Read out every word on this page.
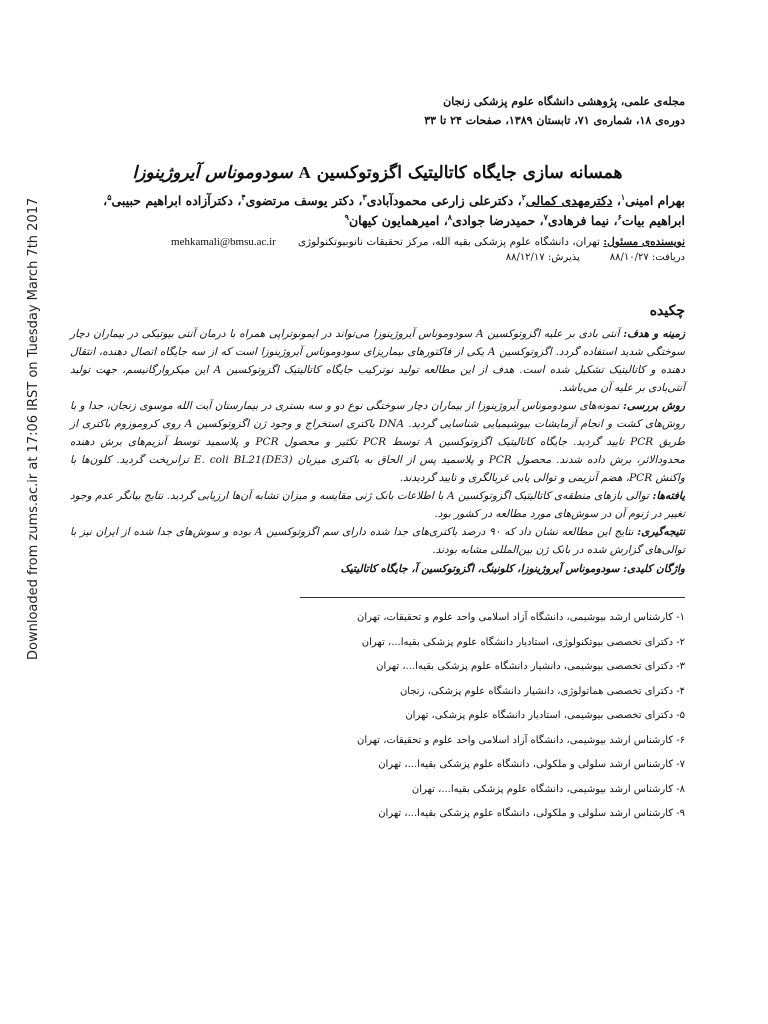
Downloaded from zums.ac.ir at 17:06 IRST on Tuesday March 7th 2017

مجله‌ی علمی، پژوهشی دانشگاه علوم پزشکی زنجان

دوره‌ی ۱۸، شماره‌ی ۷۱، تابستان ۱۳۸۹، صفحات ۲۴ تا ۳۳

همسانه سازی جایگاه کاتالیتیک اگزوتوکسین A سودوموناس آیروژینوزا

بهرام امینی$^۱$، دکترمهدی کمالی$^۲$، دکترعلی زارعی محمودآبادی$^۳$، دکتر یوسف مرتضوی$^۴$، دکترآزاده ابراهیم حبیبی$^۵$،
ابراهیم بیات$^۶$، نیما فرهادی$^۷$، حمیدرضا جوادی$^۸$، امیرهمایون کیهان$^۹$

نویسنده‌ی مسئول: تهران، دانشگاه علوم پزشکی بقیه الله، مرکز تحقیقات نانوبیوتکنولوژی
mehkamali@bmsu.ac.ir
دریافت: ۸۸/۱۰/۲۷
پذیرش: ۸۸/۱۲/۱۷
چکیده

زمینه و هدف: آنتی بادی بر علیه اگزوتوکسین A سودوموناس آیروژینوزا می‌تواند در ایمونوتراپی همراه با درمان آنتی بیوتیکی در بیماران دچار سوختگی شدید استفاده گردد. اگزوتوکسین A یکی از فاکتورهای بیماریزای سودوموناس آیروژینوزا است که از سه جایگاه اتصال دهنده، انتقال دهنده و کاتالیتیک تشکیل شده است. هدف از این مطالعه تولید نوترکیب جایگاه کاتالیتیک اگزوتوکسین A این میکروارگانیسم، جهت تولید آنتی‌بادی بر علیه آن می‌باشد.

روش بررسی: نمونه‌های سودوموناس آیروژینوزا از بیماران دچار سوختگی نوع دو و سه بستری در بیمارستان آیت الله موسوی زنجان، جدا و با روش‌های کشت و انجام آزمایشات بیوشیمیایی شناسایی گردید. DNA باکتری استخراج و وجود ژن اگزوتوکسین A روی کروموزوم باکتری از طریق PCR تایید گردید. جایگاه کاتالیتیک اگزوتوکسین A توسط PCR تکثیر و محصول PCR و پلاسمید توسط آنزیم‌های برش دهنده محدودالاثر، برش داده شدند. محصول PCR و پلاسمید پس از الحاق به باکتری میزبان E. coli BL21(DE3) ترانریخت گردید. کلون‌ها با واکنش PCR، هضم آنزیمی و توالی یابی غربالگری و تایید گردیدند.

یافته‌ها: توالی بازهای منطقه‌ی کاتالیتیک اگزوتوکسین A با اطلاعات بانک ژنی مقایسه و میزان تشابه آن‌ها ارزیابی گردید. نتایج بیانگر عدم وجود تغییر در ژنوم آن در سوش‌های مورد مطالعه در کشور بود.

نتیجه‌گیری: نتایج این مطالعه نشان داد که ۹۰ درصد باکتری‌های جدا شده دارای سم اگزوتوکسین A بوده و سوش‌های جدا شده از ایران نیز با توالی‌های گزارش شده در بانک ژن بین‌المللی مشابه بودند.

واژگان کلیدی: سودوموناس آیروژینوزا، کلونینگ، اگزوتوکسین آ، جایگاه کاتالیتیک

۱- کارشناس ارشد بیوشیمی، دانشگاه آزاد اسلامی واحد علوم و تحقیقات، تهران
۲- دکترای تخصصی بیوتکنولوژی، استادیار دانشگاه علوم پزشکی بقیه‌ا...، تهران
۳- دکترای تخصصی بیوشیمی، دانشیار دانشگاه علوم پزشکی بقیه‌ا...، تهران
۴- دکترای تخصصی هماتولوژی، دانشیار دانشگاه علوم پزشکی، زنجان
۵- دکترای تخصصی بیوشیمی، استادیار دانشگاه علوم پزشکی، تهران
۶- کارشناس ارشد بیوشیمی، دانشگاه آزاد اسلامی واحد علوم و تحقیقات، تهران
۷- کارشناس ارشد سلولی و ملکولی، دانشگاه علوم پزشکی بقیه‌ا...، تهران
۸- کارشناس ارشد بیوشیمی، دانشگاه علوم پزشکی بقیه‌ا...، تهران
۹- کارشناس ارشد سلولی و ملکولی، دانشگاه علوم پزشکی بقیه‌ا...، تهران
